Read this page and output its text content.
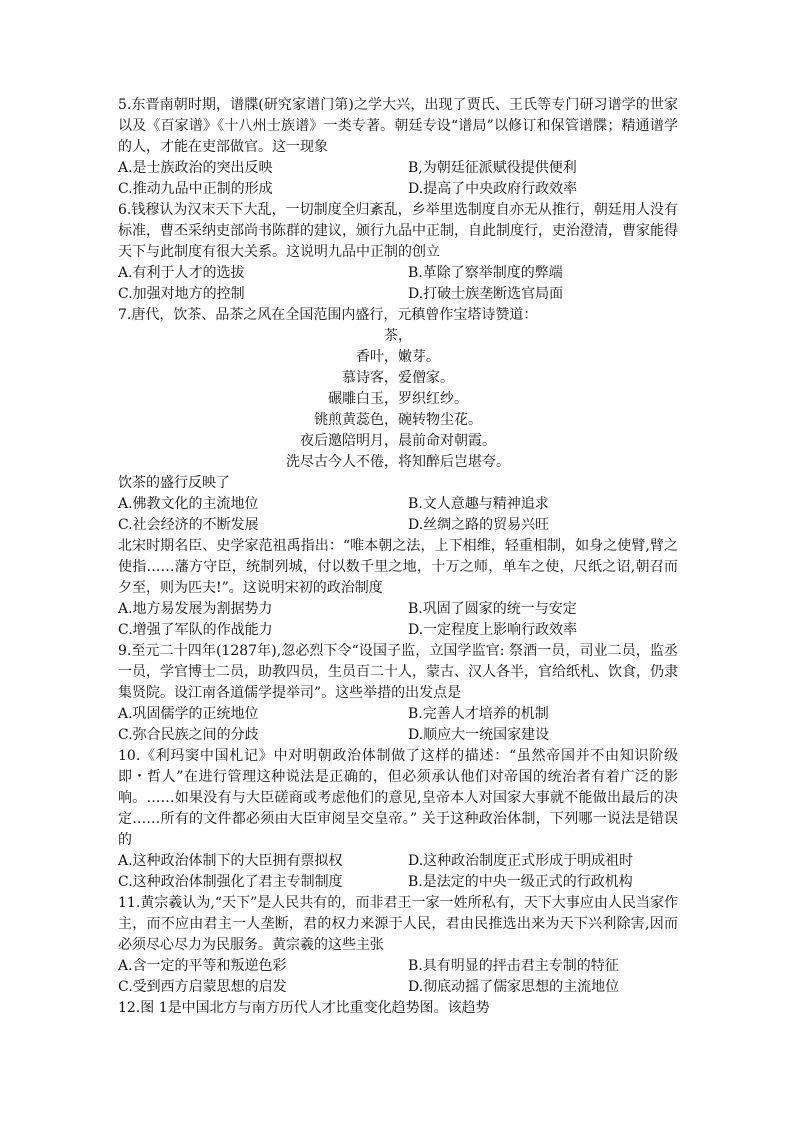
5.东晋南朝时期，谱牒(研究家谱门第)之学大兴，出现了贾氏、王氏等专门研习谱学的世家以及《百家谱》《十八州士族谱》一类专著。朝廷专设“谱局”以修订和保管谱牒；精通谱学的人，才能在吏部做官。这一现象

A.是士族政治的突出反映	B,为朝廷征派赋役提供便利
C.推动九品中正制的形成	D.提高了中央政府行政效率

6.钱穆认为汉末天下大乱，一切制度全归紊乱，乡举里选制度自亦无从推行，朝廷用人没有标准，曹丕采纳吏部尚书陈群的建议，颁行九品中正制，自此制度行，吏治澄清，曹家能得天下与此制度有很大关系。这说明九品中正制的创立

A.有利于人才的选拔	B.革除了察举制度的弊端
C.加强对地方的控制	D.打破士族垄断选官局面

7.唐代，饮茶、品茶之风在全国范围内盛行，元稹曾作宝塔诗赞道：

茶，
香叶，嫩芽。
慕诗客，爱僧家。
碾雕白玉，罗织红纱。
铫煎黄蕊色，碗转物尘花。
夜后邀陪明月，晨前命对朝霞。
洗尽古今人不倦，将知醉后岂堪夸。

饮茶的盛行反映了

A.佛教文化的主流地位	B.文人意趣与精神追求
C.社会经济的不断发展	D.丝绸之路的贸易兴旺

北宋时期名臣、史学家范祖禹指出：“唯本朝之法，上下相维，轻重相制，如身之使臂,臂之使指……藩方守臣，统制列城，付以数千里之地，十万之师，单车之使，尺纸之诏,朝召而夕至，则为匹夫!”。这说明宋初的政治制度

A.地方易发展为割据势力	B.巩固了圆家的统一与安定
C.增强了军队的作战能力	D.一定程度上影响行政效率

9.至元二十四年(1287年),忽必烈下令“设国子监，立国学监官: 祭酒一员，司业二员，监丞一员，学官博士二员，助教四员，生员百二十人，蒙古、汉人各半，官给纸札、饮食，仍隶集贤院。设江南各道儒学提举司”。这些举措的出发点是

A.巩固儒学的正统地位	B.完善人才培养的机制
C.弥合民族之间的分歧	D.顺应大一统国家建设

10.《利玛窦中国札记》中对明朝政治体制做了这样的描述：“虽然帝国并不由知识阶级即・哲人”在进行管理这种说法是正确的，但必须承认他们对帝国的统治者有着广泛的影响。……如果没有与大臣磋商或考虑他们的意见,皇帝本人对国家大事就不能做出最后的决定……所有的文件都必须由大臣审阅呈交皇帝。” 关于这种政治体制，下列哪一说法是错误的

A.这种政治体制下的大臣拥有票拟权	D.这种政治制度正式形成于明成祖时
C.这种政治体制强化了君主专制制度	B.是法定的中央一级正式的行政机构

11.黄宗羲认为,“天下”是人民共有的，而非君王一家一姓所私有，天下大事应由人民当家作主，而不应由君主一人垄断，君的权力来源于人民，君由民推选出来为天下兴利除害,因而必须尽心尽力为民服务。黄宗羲的这些主张

A.含一定的平等和叛逆色彩	B.具有明显的抨击君主专制的特征
C.受到西方启蒙思想的启发	D.彻底动摇了儒家思想的主流地位

12.图 1是中国北方与南方历代人才比重变化趋势图。该趋势
